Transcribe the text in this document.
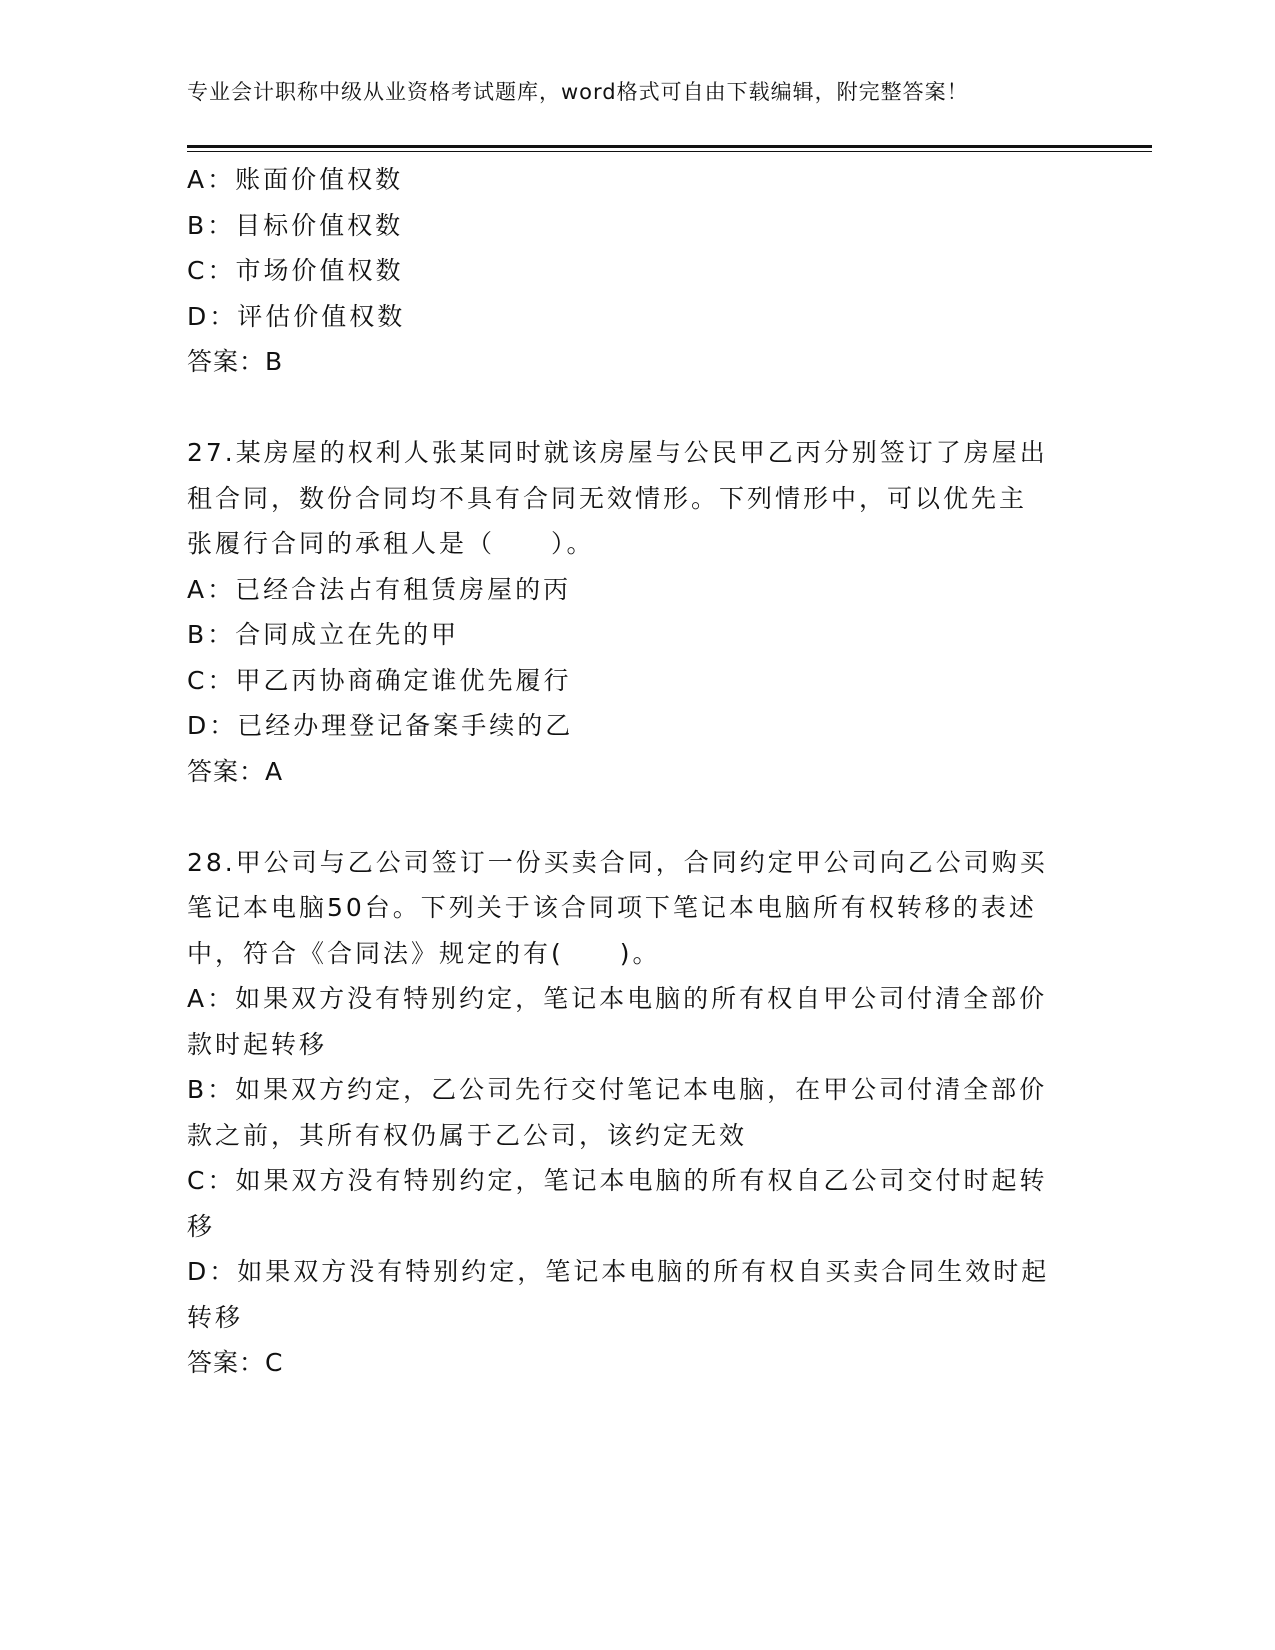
专业会计职称中级从业资格考试题库，word格式可自由下载编辑，附完整答案！
A：账面价值权数
B：目标价值权数
C：市场价值权数
D：评估价值权数
答案：B
27.某房屋的权利人张某同时就该房屋与公民甲乙丙分别签订了房屋出
租合同，数份合同均不具有合同无效情形。下列情形中，可以优先主
张履行合同的承租人是（　　）。
A：已经合法占有租赁房屋的丙
B：合同成立在先的甲
C：甲乙丙协商确定谁优先履行
D：已经办理登记备案手续的乙
答案：A
28.甲公司与乙公司签订一份买卖合同，合同约定甲公司向乙公司购买
笔记本电脑50台。下列关于该合同项下笔记本电脑所有权转移的表述
中，符合《合同法》规定的有(　　)。
A：如果双方没有特别约定，笔记本电脑的所有权自甲公司付清全部价
款时起转移
B：如果双方约定，乙公司先行交付笔记本电脑，在甲公司付清全部价
款之前，其所有权仍属于乙公司，该约定无效
C：如果双方没有特别约定，笔记本电脑的所有权自乙公司交付时起转
移
D：如果双方没有特别约定，笔记本电脑的所有权自买卖合同生效时起
转移
答案：C
